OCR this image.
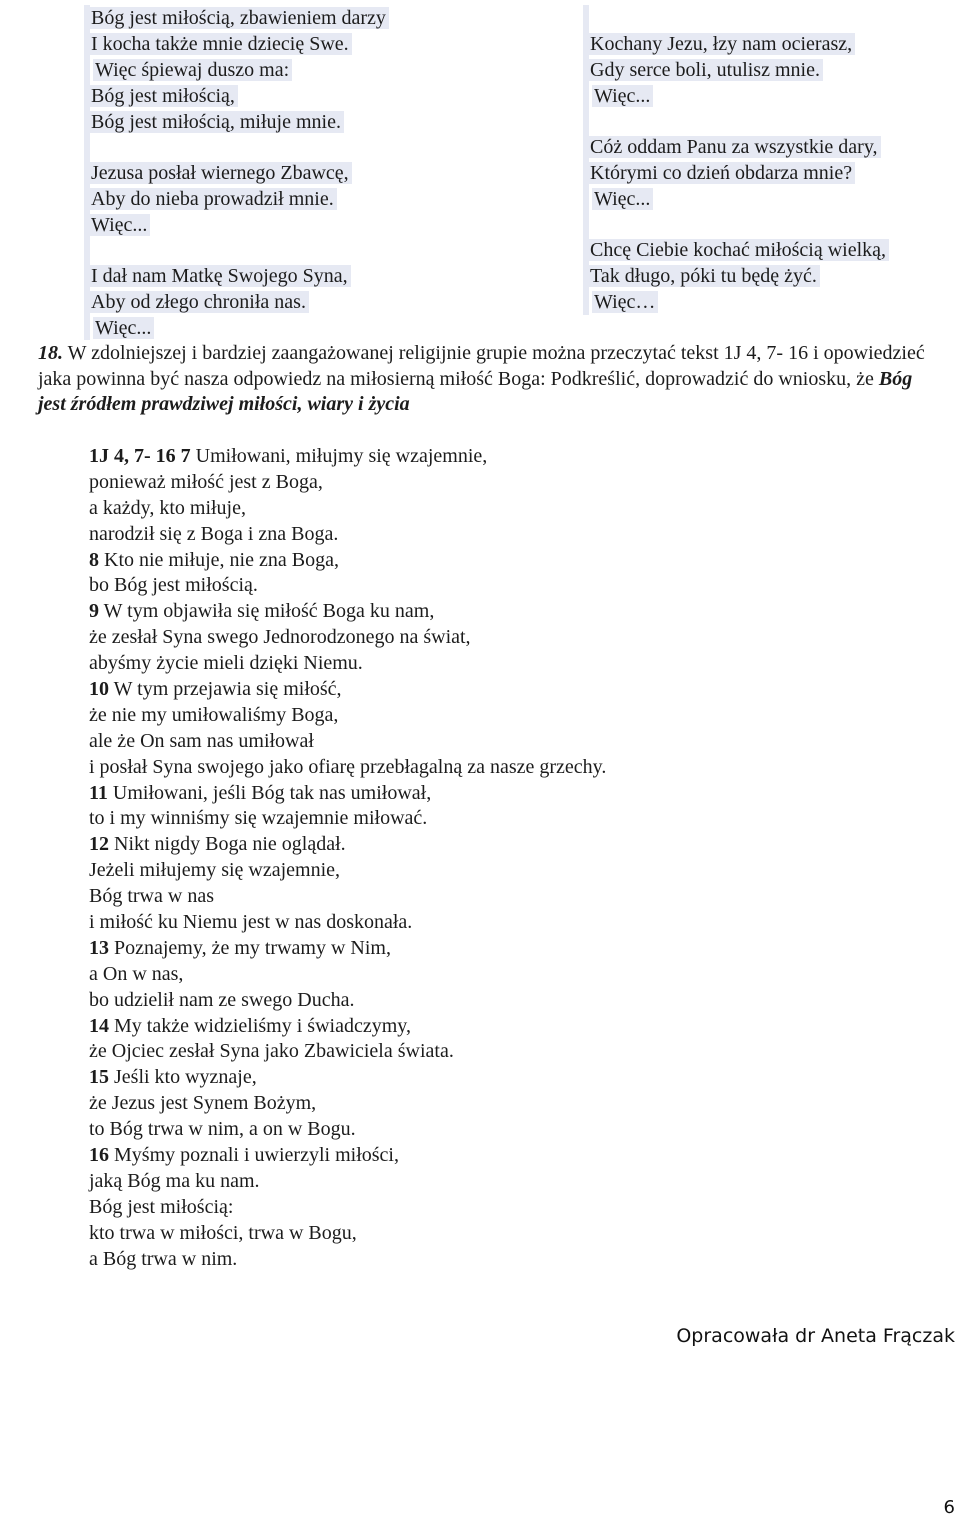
Bóg jest miłością, zbawieniem darzy
I kocha także mnie dziecię Swe.
Więc śpiewaj duszo ma:
Bóg jest miłością,
Bóg jest miłością, miłuje mnie.
Jezusa posłał wiernego Zbawcę,
Aby do nieba prowadził mnie.
Więc...
I dał nam Matkę Swojego Syna,
Aby od złego chroniła nas.
Więc...
Kochany Jezu, łzy nam ocierasz,
Gdy serce boli, utulisz mnie.
Więc...
Cóż oddam Panu za wszystkie dary,
Którymi co dzień obdarza mnie?
Więc...
Chcę Ciebie kochać miłością wielką,
Tak długo, póki tu będę żyć.
Więc…
18. W zdolniejszej i bardziej zaangażowanej religijnie grupie można przeczytać tekst 1J 4, 7- 16 i opowiedzieć jaka powinna być nasza odpowiedz na miłosierną miłość Boga: Podkreślić, doprowadzić do wniosku, że Bóg jest źródłem prawdziwej miłości, wiary i życia
1J 4, 7- 16 7 Umiłowani, miłujmy się wzajemnie,
ponieważ miłość jest z Boga,
a każdy, kto miłuje,
narodził się z Boga i zna Boga.
8 Kto nie miłuje, nie zna Boga,
bo Bóg jest miłością.
9 W tym objawiła się miłość Boga ku nam,
że zesłał Syna swego Jednorodzonego na świat,
abyśmy życie mieli dzięki Niemu.
10 W tym przejawia się miłość,
że nie my umiłowaliśmy Boga,
ale że On sam nas umiłował
i posłał Syna swojego jako ofiarę przebłagalną za nasze grzechy.
11 Umiłowani, jeśli Bóg tak nas umiłował,
to i my winniśmy się wzajemnie miłować.
12 Nikt nigdy Boga nie oglądał.
Jeżeli miłujemy się wzajemnie,
Bóg trwa w nas
i miłość ku Niemu jest w nas doskonała.
13 Poznajemy, że my trwamy w Nim,
a On w nas,
bo udzielił nam ze swego Ducha.
14 My także widzieliśmy i świadczymy,
że Ojciec zesłał Syna jako Zbawiciela świata.
15 Jeśli kto wyznaje,
że Jezus jest Synem Bożym,
to Bóg trwa w nim, a on w Bogu.
16 Myśmy poznali i uwierzyli miłości,
jaką Bóg ma ku nam.
Bóg jest miłością:
kto trwa w miłości, trwa w Bogu,
a Bóg trwa w nim.
Opracowała dr Aneta Frączak
6
